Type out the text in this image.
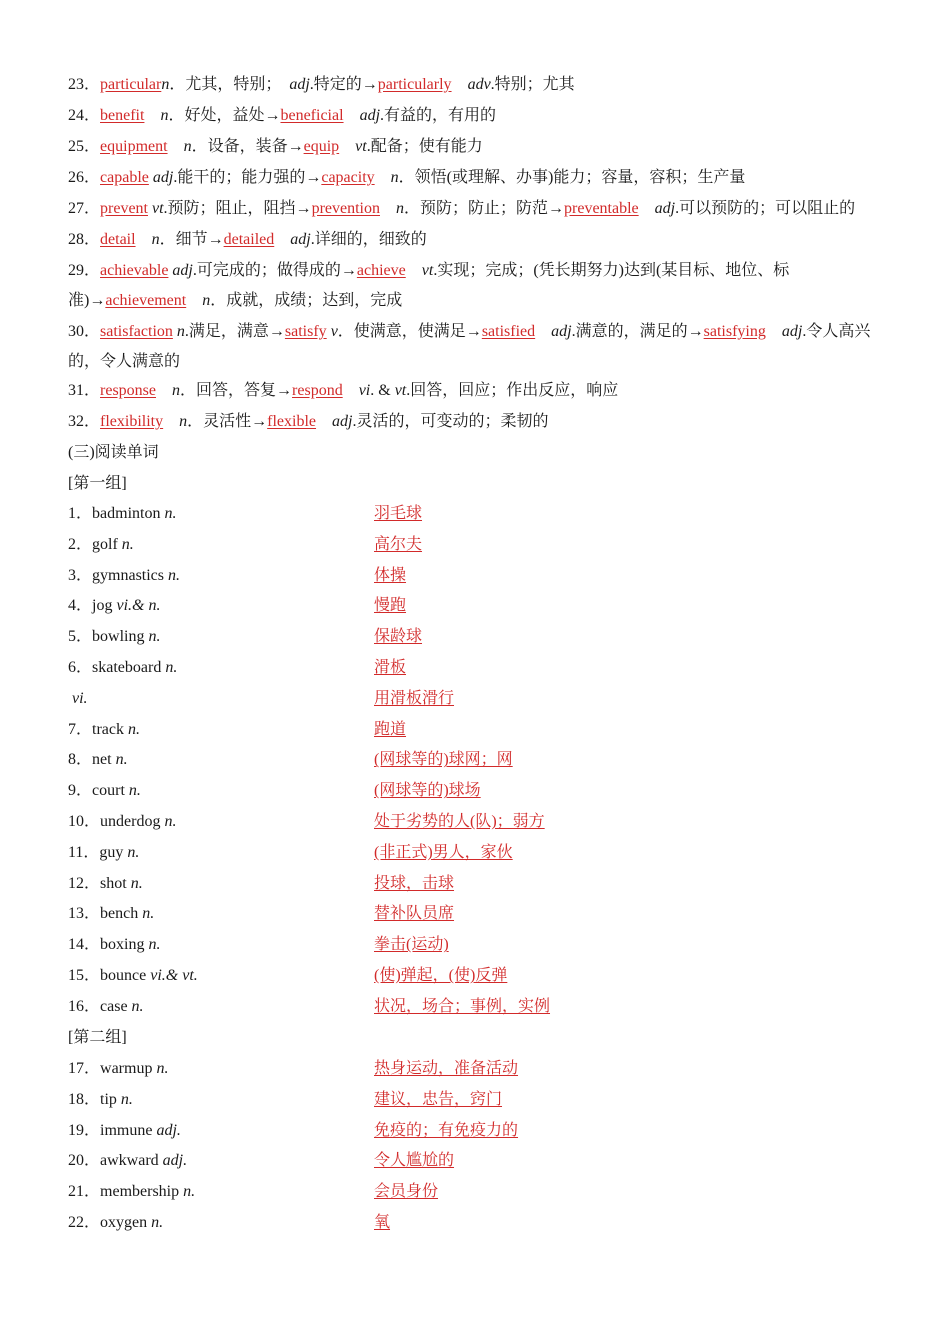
23．particularn．尤其，特别；　adj.特定的→particularly　 adv.特别；尤其
24．benefit　 n．好处，益处→beneficial　 adj.有益的，有用的
25．equipment　 n．设备，装备→equip　 vt.配备；使有能力
26．capable adj.能干的；能力强的→capacity　 n．领悟(或理解、办事)能力；容量，容积；生产量
27．prevent vt.预防；阻止，阻挡→prevention　 n．预防；防止；防范→preventable　 adj.可以预防的；可以阻止的
28．detail　 n．细节→detailed　 adj.详细的，细致的
29．achievable adj.可完成的；做得成的→achieve　 vt.实现；完成；(凭长期努力)达到(某目标、地位、标准)→achievement　 n．成就，成绩；达到，完成
30．satisfaction n.满足，满意→satisfy v．使满意，使满足→satisfied　 adj.满意的，满足的→satisfying　 adj.令人高兴的，令人满意的
31．response　 n．回答，答复→respond　 vi. & vt.回答，回应；作出反应，响应
32．flexibility　 n．灵活性→flexible　 adj.灵活的，可变动的；柔韧的
(三)阅读单词
[第一组]
1．badminton n.	羽毛球
2．golf n.	高尔夫
3．gymnastics n.	体操
4．jog vi.& n.	慢跑
5．bowling n.	保龄球
6．skateboard n.	滑板
vi.	用滑板滑行
7．track n.	跑道
8．net n.	(网球等的)球网；网
9．court n.	(网球等的)球场
10．underdog n.	处于劣势的人(队)；弱方
11．guy n.	(非正式)男人，家伙
12．shot n.	投球，击球
13．bench n.	替补队员席
14．boxing n.	拳击(运动)
15．bounce vi.& vt.	(使)弹起，(使)反弹
16．case n.	状况，场合；事例，实例
[第二组]
17．warmup n.	热身运动，准备活动
18．tip n.	建议，忠告，窍门
19．immune adj.	免疫的；有免疫力的
20．awkward adj.	令人尴尬的
21．membership n.	会员身份
22．oxygen n.	氧
